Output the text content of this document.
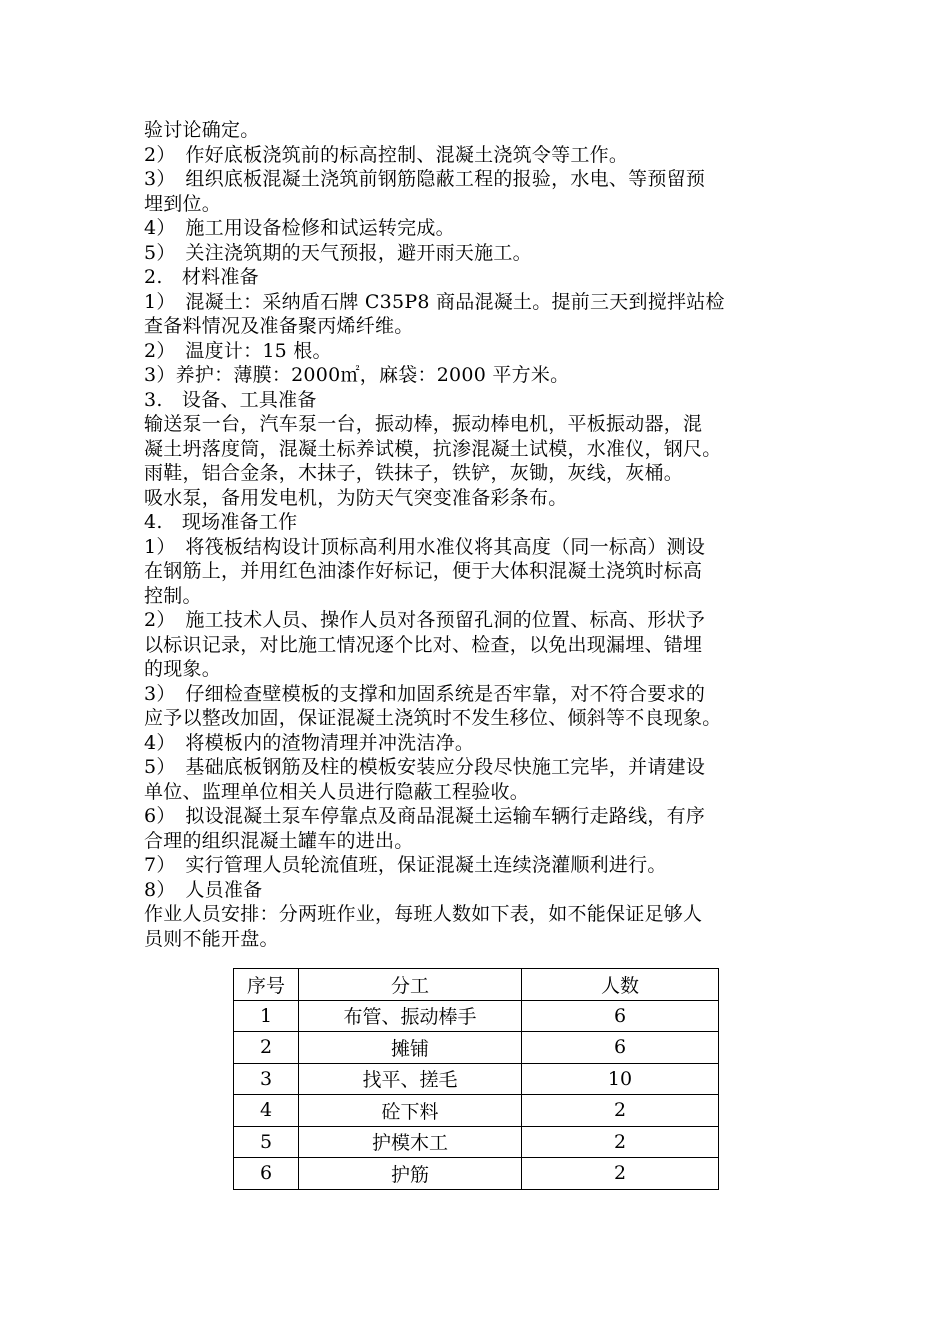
验讨论确定。
2）　作好底板浇筑前的标高控制、混凝土浇筑令等工作。
3）　组织底板混凝土浇筑前钢筋隐蔽工程的报验，水电、等预留预
埋到位。
4）　施工用设备检修和试运转完成。
5）　关注浇筑期的天气预报，避开雨天施工。
2.　材料准备
1）　混凝土：采纳盾石牌 C35P8 商品混凝土。提前三天到搅拌站检
查备料情况及准备聚丙烯纤维。
2）　温度计：15 根。
3）养护：薄膜：2000㎡，麻袋：2000 平方米。
3.　设备、工具准备
输送泵一台，汽车泵一台，振动棒，振动棒电机，平板振动器，混
凝土坍落度筒，混凝土标养试模，抗渗混凝土试模，水准仪，钢尺。
雨鞋，铝合金条，木抹子，铁抹子，铁铲，灰锄，灰线，灰桶。
吸水泵，备用发电机，为防天气突变准备彩条布。
4.　现场准备工作
1）　将筏板结构设计顶标高利用水准仪将其高度（同一标高）测设
在钢筋上，并用红色油漆作好标记，便于大体积混凝土浇筑时标高
控制。
2）　施工技术人员、操作人员对各预留孔洞的位置、标高、形状予
以标识记录，对比施工情况逐个比对、检查，以免出现漏埋、错埋
的现象。
3）　仔细检查壁模板的支撑和加固系统是否牢靠，对不符合要求的
应予以整改加固，保证混凝土浇筑时不发生移位、倾斜等不良现象。
4）　将模板内的渣物清理并冲洗洁净。
5）　基础底板钢筋及柱的模板安装应分段尽快施工完毕，并请建设
单位、监理单位相关人员进行隐蔽工程验收。
6）　拟设混凝土泵车停靠点及商品混凝土运输车辆行走路线，有序
合理的组织混凝土罐车的进出。
7）　实行管理人员轮流值班，保证混凝土连续浇灌顺利进行。
8）　人员准备
作业人员安排：分两班作业，每班人数如下表，如不能保证足够人
员则不能开盘。
序号	分工	人数
1	布管、振动棒手	6
2	摊铺	6
3	找平、搓毛	10
4	砼下料	2
5	护模木工	2
6	护筋	2
